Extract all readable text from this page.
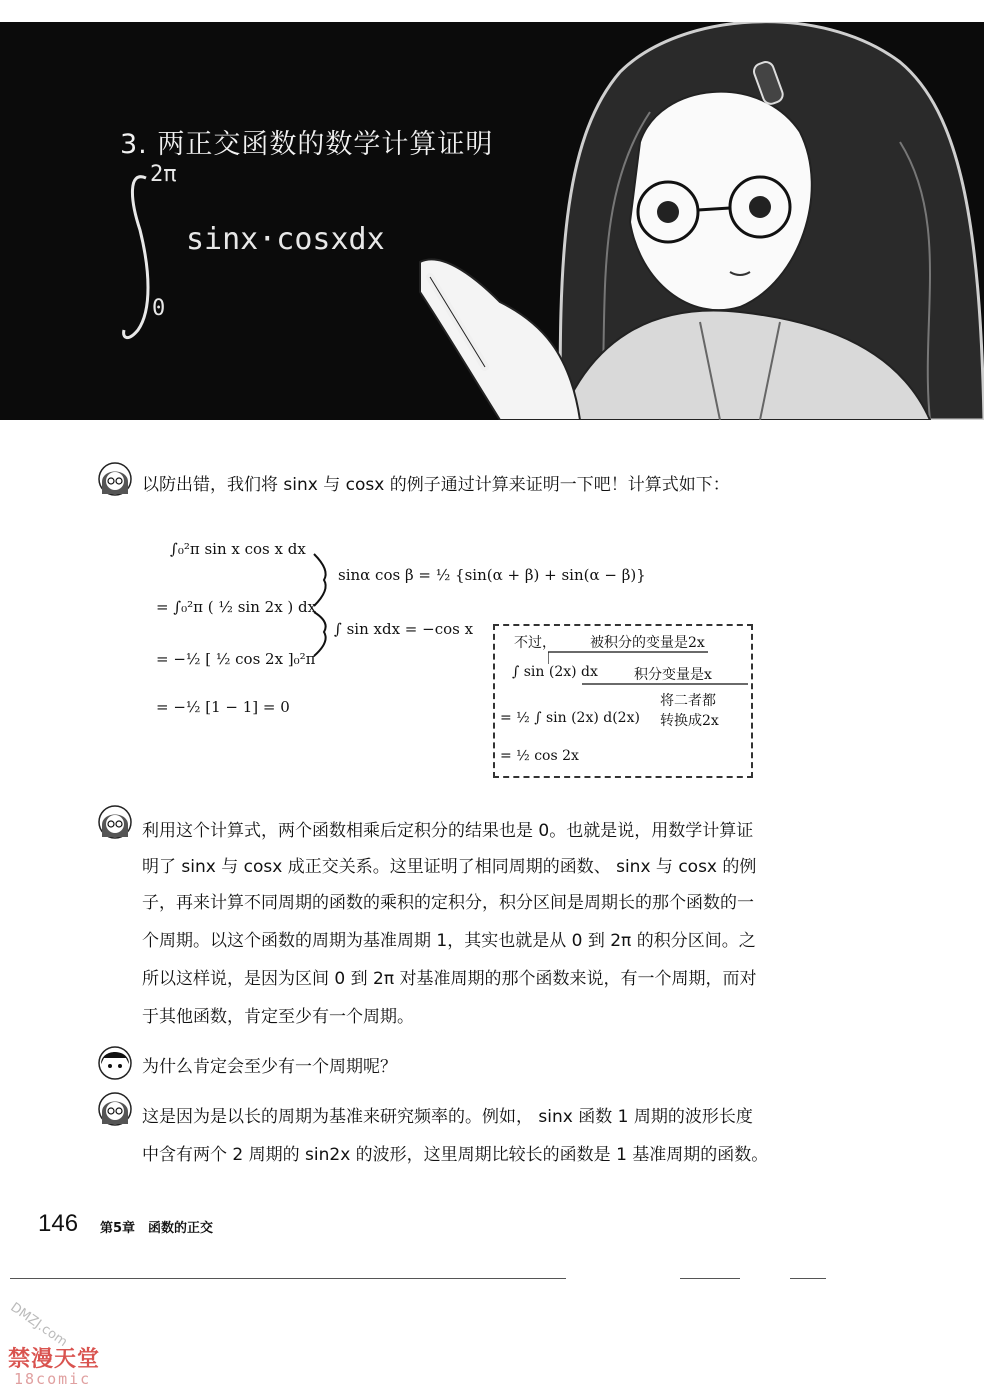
3. 两正交函数的数学计算证明
2π
sinx·cosxdx
0
以防出错，我们将 sinx 与 cosx 的例子通过计算来证明一下吧！计算式如下：
∫₀²π sin x cos x dx
= ∫₀²π ( ½ sin 2x ) dx
= −½ [ ½ cos 2x ]₀²π
= −½ [1 − 1] = 0
sinα cos β = ½ {sin(α + β) + sin(α − β)}
∫ sin xdx = −cos x
不过， 被积分的变量是2x
∫ sin (2x) dx	积分变量是x
将二者都
= ½ ∫ sin (2x) d(2x) 转换成2x
= ½ cos 2x
利用这个计算式，两个函数相乘后定积分的结果也是 0。也就是说，用数学计算证
明了 sinx 与 cosx 成正交关系。这里证明了相同周期的函数、 sinx 与 cosx 的例
子，再来计算不同周期的函数的乘积的定积分，积分区间是周期长的那个函数的一
个周期。以这个函数的周期为基准周期 1，其实也就是从 0 到 2π 的积分区间。之
所以这样说，是因为区间 0 到 2π 对基准周期的那个函数来说，有一个周期，而对
于其他函数，肯定至少有一个周期。
为什么肯定会至少有一个周期呢？
这是因为是以长的周期为基准来研究频率的。例如， sinx 函数 1 周期的波形长度
中含有两个 2 周期的 sin2x 的波形，这里周期比较长的函数是 1 基准周期的函数。
146 第5章　函数的正交
DMZJ.com
禁漫天堂
18comic
